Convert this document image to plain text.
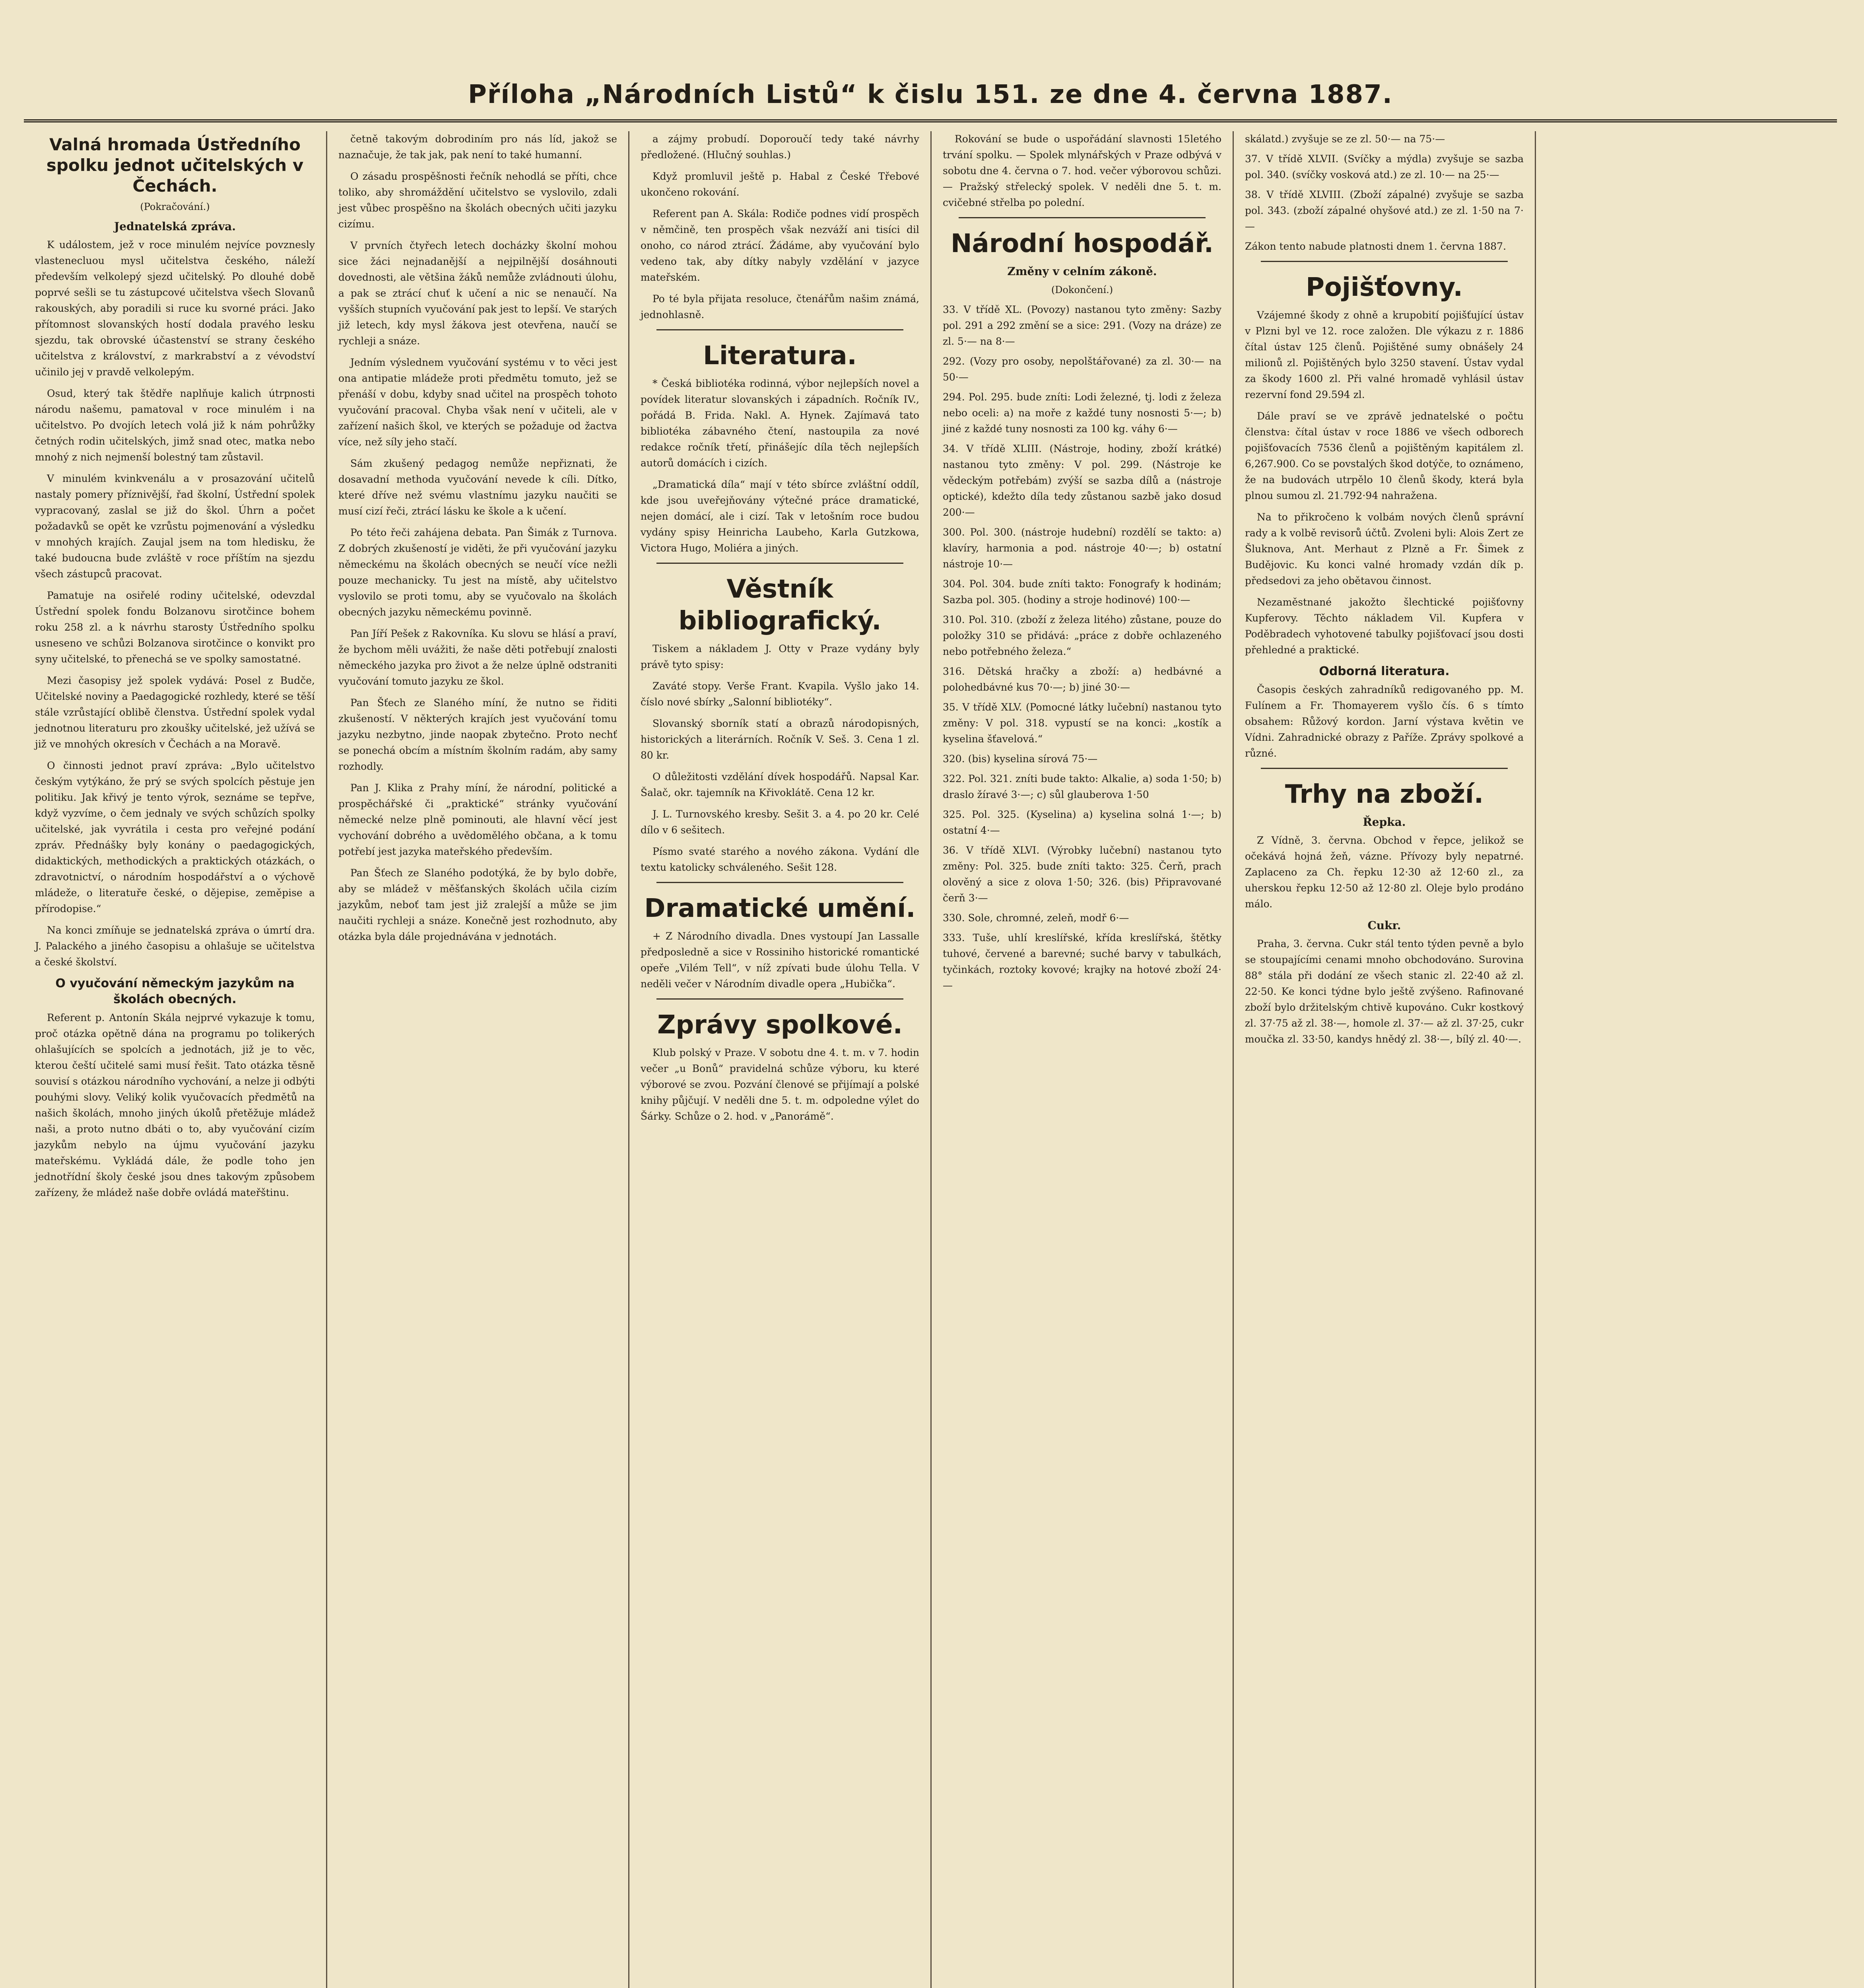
Příloha „Národních Listů“ k čislu 151. ze dne 4. června 1887.
Valná hromada Ústředního spolku jednot učitelských v Čechách.
(Pokračování.)
Jednatelská zpráva.

K událostem, jež v roce minulém nejvíce povznesly vlastenecluou mysl učitelstva českého, náleží především velkolepý sjezd učitelský. Po dlouhé době poprvé sešli se tu zástupcové učitelstva všech Slovanů rakouských, aby poradili si ruce ku svorné práci. Jako přítomnost slovanských hostí dodala pravého lesku sjezdu, tak obrovské účastenství se strany českého učitelstva z království, z markrabství a z vévodství učinilo jej v pravdě velkolepým.

Osud, který tak štědře naplňuje kalich útrpnosti národu našemu, pamatoval v roce minulém i na učitelstvo. Po dvojích letech volá již k nám pohrůžky četných rodin učitelských, jimž snad otec, matka nebo mnohý z nich nejmenší bolestný tam zůstavil.

V minulém kvinkvenálu a v prosazování učitelů nastaly pomery příznivější, řad školní, Ústřední spolek vypracovaný, zaslal se již do škol. Úhrn a počet požadavků se opět ke vzrůstu pojmenování a výsledku v mnohých krajích. Zaujal jsem na tom hledisku, že také budoucna bude zvláště v roce příštím na sjezdu všech zástupců pracovat.

Pamatuje na osiřelé rodiny učitelské, odevzdal Ústřední spolek fondu Bolzanovu sirotčince bohem roku 258 zl. a k návrhu starosty Ústředního spolku usneseno ve schůzi Bolzanova sirotčince o konvikt pro syny učitelské, to přenechá se ve spolky samostatné.

Mezi časopisy jež spolek vydává: Posel z Budče, Učitelské noviny a Paedagogické rozhledy, které se těší stále vzrůstající oblibě členstva. Ústřední spolek vydal jednotnou literaturu pro zkoušky učitelské, jež užívá se již ve mnohých okresích v Čechách a na Moravě.

O činnosti jednot praví zpráva: „Bylo učitelstvo českým vytýkáno, že prý se svých spolcích pěstuje jen politiku. Jak křivý je tento výrok, seznáme se tepřve, když vyzvíme, o čem jednaly ve svých schůzích spolky učitelské, jak vyvrátila i cesta pro veřejné podání zpráv. Přednášky byly konány o paedagogických, didaktických, methodických a praktických otázkách, o zdravotnictví, o národním hospodářství a o výchově mládeže, o literatuře české, o dějepise, zeměpise a přírodopise.“

Na konci zmíňuje se jednatelská zpráva o úmrtí dra. J. Palackého a jiného časopisu a ohlašuje se učitelstva a české školství.

O vyučování německým jazykům na školách obecných.

Referent p. Antonín Skála nejprvé vykazuje k tomu, proč otázka opětně dána na programu po tolikerých ohlašujících se spolcích a jednotách, již je to věc, kterou čeští učitelé sami musí řešit. Tato otázka těsně souvisí s otázkou národního vychování, a nelze ji odbýti pouhými slovy. Veliký kolik vyučovacích předmětů na našich školách, mnoho jiných úkolů přetěžuje mládež naši, a proto nutno dbáti o to, aby vyučování cizím jazykům nebylo na újmu vyučování jazyku mateřskému. Vykládá dále, že podle toho jen jednotřídní školy české jsou dnes takovým způsobem zařízeny, že mládež naše dobře ovládá mateřštinu.

četně takovým dobrodiním pro nás líd, jakož se naznačuje, že tak jak, pak není to také humanní.

O zásadu prospěšnosti řečník nehodlá se příti, chce toliko, aby shromáždění učitelstvo se vyslovilo, zdali jest vůbec prospěšno na školách obecných učiti jazyku cizímu.

V prvních čtyřech letech docházky školní mohou sice žáci nejnadanější a nejpilnější dosáhnouti dovednosti, ale většina žáků nemůže zvládnouti úlohu, a pak se ztrácí chuť k učení a nic se nenaučí. Na vyšších stupních vyučování pak jest to lepší. Ve starých již letech, kdy mysl žákova jest otevřena, naučí se rychleji a snáze.

Jedním výslednem vyučování systému v to věci jest ona antipatie mládeže proti předmětu tomuto, jež se přenáší v dobu, kdyby snad učitel na prospěch tohoto vyučování pracoval. Chyba však není v učiteli, ale v zařízení našich škol, ve kterých se požaduje od žactva více, než síly jeho stačí.

Sám zkušený pedagog nemůže nepřiznati, že dosavadní methoda vyučování nevede k cíli. Dítko, které dříve než svému vlastnímu jazyku naučiti se musí cizí řeči, ztrácí lásku ke škole a k učení.

Po této řeči zahájena debata. Pan Šimák z Turnova. Z dobrých zkušeností je viděti, že při vyučování jazyku německému na školách obecných se neučí více nežli pouze mechanicky. Tu jest na místě, aby učitelstvo vyslovilo se proti tomu, aby se vyučovalo na školách obecných jazyku německému povinně.

Pan Jíří Pešek z Rakovníka. Ku slovu se hlásí a praví, že bychom měli uvážiti, že naše děti potřebují znalosti německého jazyka pro život a že nelze úplně odstraniti vyučování tomuto jazyku ze škol.

Pan Šťech ze Slaného míní, že nutno se řiditi zkušeností. V některých krajích jest vyučování tomu jazyku nezbytno, jinde naopak zbytečno. Proto nechť se ponechá obcím a místním školním radám, aby samy rozhodly.

Pan J. Klika z Prahy míní, že národní, politické a prospěchářské či „praktické“ stránky vyučování německé nelze plně pominouti, ale hlavní věcí jest vychování dobrého a uvědomělého občana, a k tomu potřebí jest jazyka mateřského především.

Pan Šťech ze Slaného podotýká, že by bylo dobře, aby se mládež v měšťanských školách učila cizím jazykům, neboť tam jest již zralejší a může se jim naučiti rychleji a snáze. Konečně jest rozhodnuto, aby otázka byla dále projednávána v jednotách.

a zájmy probudí. Doporoučí tedy také návrhy předložené. (Hlučný souhlas.)

Když promluvil ještě p. Habal z České Třebové ukončeno rokování.

Referent pan A. Skála: Rodiče podnes vidí prospěch v němčině, ten prospěch však nezváží ani tisíci dil onoho, co národ ztrácí. Žádáme, aby vyučování bylo vedeno tak, aby dítky nabyly vzdělání v jazyce mateřském.

Po té byla přijata resoluce, čtenářům našim známá, jednohlasně.

Literatura.

* Česká bibliotéka rodinná, výbor nejlepších novel a povídek literatur slovanských i západních. Ročník IV., pořádá B. Frida. Nakl. A. Hynek. Zajímavá tato bibliotéka zábavného čtení, nastoupila za nové redakce ročník třetí, přinášejíc díla těch nejlepších autorů domácích i cizích.

„Dramatická díla“ mají v této sbírce zvláštní oddíl, kde jsou uveřejňovány výtečné práce dramatické, nejen domácí, ale i cizí. Tak v letošním roce budou vydány spisy Heinricha Laubeho, Karla Gutzkowa, Victora Hugo, Moliéra a jiných.

Věstník bibliografický.

Tiskem a nákladem J. Otty v Praze vydány byly právě tyto spisy:

Zaváté stopy. Verše Frant. Kvapila. Vyšlo jako 14. číslo nové sbírky „Salonní bibliotéky“.

Slovanský sborník statí a obrazů národopisných, historických a literárních. Ročník V. Seš. 3. Cena 1 zl. 80 kr.

O důležitosti vzdělání dívek hospodářů. Napsal Kar. Šalač, okr. tajemník na Křivoklátě. Cena 12 kr.

J. L. Turnovského kresby. Sešit 3. a 4. po 20 kr. Celé dílo v 6 sešitech.

Písmo svaté starého a nového zákona. Vydání dle textu katolicky schváleného. Sešit 128.

Dramatické umění.

+ Z Národního divadla. Dnes vystoupí Jan Lassalle předposledně a sice v Rossiniho historické romantické opeře „Vilém Tell“, v níž zpívati bude úlohu Tella. V neděli večer v Národním divadle opera „Hubička“.

Zprávy spolkové.

Klub polský v Praze. V sobotu dne 4. t. m. v 7. hodin večer „u Bonů“ pravidelná schůze výboru, ku které výborové se zvou. Pozvání členové se přijímají a polské knihy půjčují. V neděli dne 5. t. m. odpoledne výlet do Šárky. Schůze o 2. hod. v „Panorámě“.

Rokování se bude o uspořádání slavnosti 15letého trvání spolku. — Spolek mlynářských v Praze odbývá v sobotu dne 4. června o 7. hod. večer výborovou schůzi. — Pražský střelecký spolek. V neděli dne 5. t. m. cvičebné střelba po polední.

Národní hospodář.
Změny v celním zákoně.
(Dokončení.)
33. V třídě XL. (Povozy) nastanou tyto změny: Sazby pol. 291 a 292 změní se a sice: 291. (Vozy na dráze) ze zl. 5·— na 8·—
292. (Vozy pro osoby, nepolštářované) za zl. 30·— na 50·—
294. Pol. 295. bude zníti: Lodi železné, tj. lodi z železa nebo oceli: a) na moře z každé tuny nosnosti 5·—; b) jiné z každé tuny nosnosti za 100 kg. váhy 6·—
34. V třídě XLIII. (Nástroje, hodiny, zboží krátké) nastanou tyto změny: V pol. 299. (Nástroje ke vědeckým potřebám) zvýší se sazba dílů a (nástroje optické), kdežto díla tedy zůstanou sazbě jako dosud 200·—
300. Pol. 300. (nástroje hudební) rozdělí se takto: a) klavíry, harmonia a pod. nástroje 40·—; b) ostatní nástroje 10·—
304. Pol. 304. bude zníti takto: Fonografy k hodinám; Sazba pol. 305. (hodiny a stroje hodinové) 100·—
310. Pol. 310. (zboží z železa litého) zůstane, pouze do položky 310 se přidává: „práce z dobře ochlazeného nebo potřebného železa.“
316. Dětská hračky a zboží: a) hedbávné a polohedbávné kus 70·—; b) jiné 30·—
35. V třídě XLV. (Pomocné látky lučební) nastanou tyto změny: V pol. 318. vypustí se na konci: „kostík a kyselina šťavelová.“
320. (bis) kyselina sírová 75·—
322. Pol. 321. zníti bude takto: Alkalie, a) soda 1·50; b) draslo žíravé 3·—; c) sůl glauberova 1·50
325. Pol. 325. (Kyselina) a) kyselina solná 1·—; b) ostatní 4·—
36. V třídě XLVI. (Výrobky lučební) nastanou tyto změny: Pol. 325. bude zníti takto: 325. Čerň, prach olověný a sice z olova 1·50; 326. (bis) Připravované čerň 3·—
330. Sole, chromné, zeleň, modř 6·—
333. Tuše, uhlí kreslířské, křída kreslířská, štětky tuhové, červené a barevné; suché barvy v tabulkách, tyčinkách, roztoky kovové; krajky na hotové zboží 24·—
skálatd.) zvyšuje se ze zl. 50·— na 75·—
37. V třídě XLVII. (Svíčky a mýdla) zvyšuje se sazba pol. 340. (svíčky vosková atd.) ze zl. 10·— na 25·—
38. V třídě XLVIII. (Zboží zápalné) zvyšuje se sazba pol. 343. (zboží zápalné ohyšové atd.) ze zl. 1·50 na 7·—
Zákon tento nabude platnosti dnem 1. června 1887.
Pojišťovny.

Vzájemné škody z ohně a krupobití pojišťující ústav v Plzni byl ve 12. roce založen. Dle výkazu z r. 1886 čítal ústav 125 členů. Pojištěné sumy obnášely 24 milionů zl. Pojištěných bylo 3250 stavení. Ústav vydal za škody 1600 zl. Při valné hromadě vyhlásil ústav rezervní fond 29.594 zl.

Dále praví se ve zprávě jednatelské o počtu členstva: čítal ústav v roce 1886 ve všech odborech pojišťovacích 7536 členů a pojištěným kapitálem zl. 6,267.900. Co se povstalých škod dotýče, to oznámeno, že na budovách utrpělo 10 členů škody, která byla plnou sumou zl. 21.792·94 nahražena.

Na to přikročeno k volbám nových členů správní rady a k volbě revisorů účtů. Zvoleni byli: Alois Zert ze Šluknova, Ant. Merhaut z Plzně a Fr. Šimek z Budějovic. Ku konci valné hromady vzdán dík p. předsedovi za jeho obětavou činnost.

Nezaměstnané jakožto šlechtické pojišťovny Kupferovy. Těchto nákladem Vil. Kupfera v Poděbradech vyhotovené tabulky pojišťovací jsou dosti přehledné a praktické.

Odborná literatura.

Časopis českých zahradníků redigovaného pp. M. Fulínem a Fr. Thomayerem vyšlo čís. 6 s tímto obsahem: Růžový kordon. Jarní výstava květin ve Vídni. Zahradnické obrazy z Paříže. Zprávy spolkové a různé.

Trhy na zboží.
Řepka.

Z Vídně, 3. června. Obchod v řepce, jelikož se očekává hojná žeň, vázne. Přívozy byly nepatrné. Zaplaceno za Ch. řepku 12·30 až 12·60 zl., za uherskou řepku 12·50 až 12·80 zl. Oleje bylo prodáno málo.

Cukr.

Praha, 3. června. Cukr stál tento týden pevně a bylo se stoupajícími cenami mnoho obchodováno. Surovina 88° stála při dodání ze všech stanic zl. 22·40 až zl. 22·50. Ke konci týdne bylo ještě zvýšeno. Rafinované zboží bylo držitelským chtivě kupováno. Cukr kostkový zl. 37·75 až zl. 38·—, homole zl. 37·— až zl. 37·25, cukr moučka zl. 33·50, kandys hnědý zl. 38·—, bílý zl. 40·—.
